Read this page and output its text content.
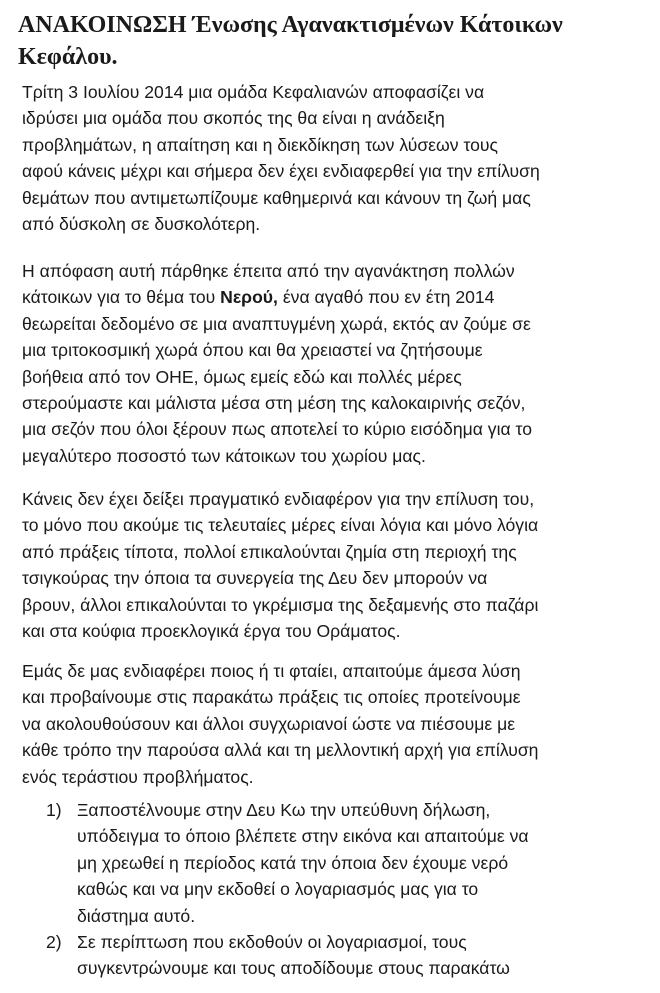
ΑΝΑΚΟΙΝΩΣΗ Ένωσης Αγανακτισμένων Κάτοικων
Κεφάλου.

Τρίτη 3 Ιουλίου 2014 μια ομάδα Κεφαλιανών αποφασίζει να
ιδρύσει μια ομάδα που σκοπός της θα είναι η ανάδειξη
προβλημάτων, η απαίτηση και η διεκδίκηση των λύσεων τους
αφού κάνεις μέχρι και σήμερα δεν έχει ενδιαφερθεί για την επίλυση
θεμάτων που αντιμετωπίζουμε καθημερινά και κάνουν τη ζωή μας
από δύσκολη σε δυσκολότερη.

Η απόφαση αυτή πάρθηκε έπειτα από την αγανάκτηση πολλών
κάτοικων για το θέμα του Νερού, ένα αγαθό που εν έτη 2014
θεωρείται δεδομένο σε μια αναπτυγμένη χωρά, εκτός αν ζούμε σε
μια τριτοκοσμική χωρά όπου και θα χρειαστεί να ζητήσουμε
βοήθεια από τον ΟΗΕ, όμως εμείς εδώ και πολλές μέρες
στερούμαστε και μάλιστα μέσα στη μέση της καλοκαιρινής σεζόν,
μια σεζόν που όλοι ξέρουν πως αποτελεί το κύριο εισόδημα για το
μεγαλύτερο ποσοστό των κάτοικων του χωρίου μας.

Κάνεις δεν έχει δείξει πραγματικό ενδιαφέρον για την επίλυση του,
το μόνο που ακούμε τις τελευταίες μέρες είναι λόγια και μόνο λόγια
από πράξεις τίποτα, πολλοί επικαλούνται ζημία στη περιοχή της
τσιγκούρας την όποια τα συνεργεία της Δευ δεν μπορούν να
βρουν, άλλοι επικαλούνται το γκρέμισμα της δεξαμενής στο παζάρι
και στα κούφια προεκλογικά έργα του Οράματος.

Εμάς δε μας ενδιαφέρει ποιος ή τι φταίει, απαιτούμε άμεσα λύση
και προβαίνουμε στις παρακάτω πράξεις τις οποίες προτείνουμε
να ακολουθούσουν και άλλοι συγχωριανοί ώστε να πιέσουμε με
κάθε τρόπο την παρούσα αλλά και τη μελλοντική αρχή για επίλυση
ενός τεράστιου προβλήματος.

1) Ξαποστέλνουμε στην Δευ Κω την υπεύθυνη δήλωση,
υπόδειγμα το όποιο βλέπετε στην εικόνα και απαιτούμε να
μη χρεωθεί η περίοδος κατά την όποια δεν έχουμε νερό
καθώς και να μην εκδοθεί ο λογαριασμός μας για το
διάστημα αυτό.
2) Σε περίπτωση που εκδοθούν οι λογαριασμοί, τους
συγκεντρώνουμε και τους αποδίδουμε στους παρακάτω
